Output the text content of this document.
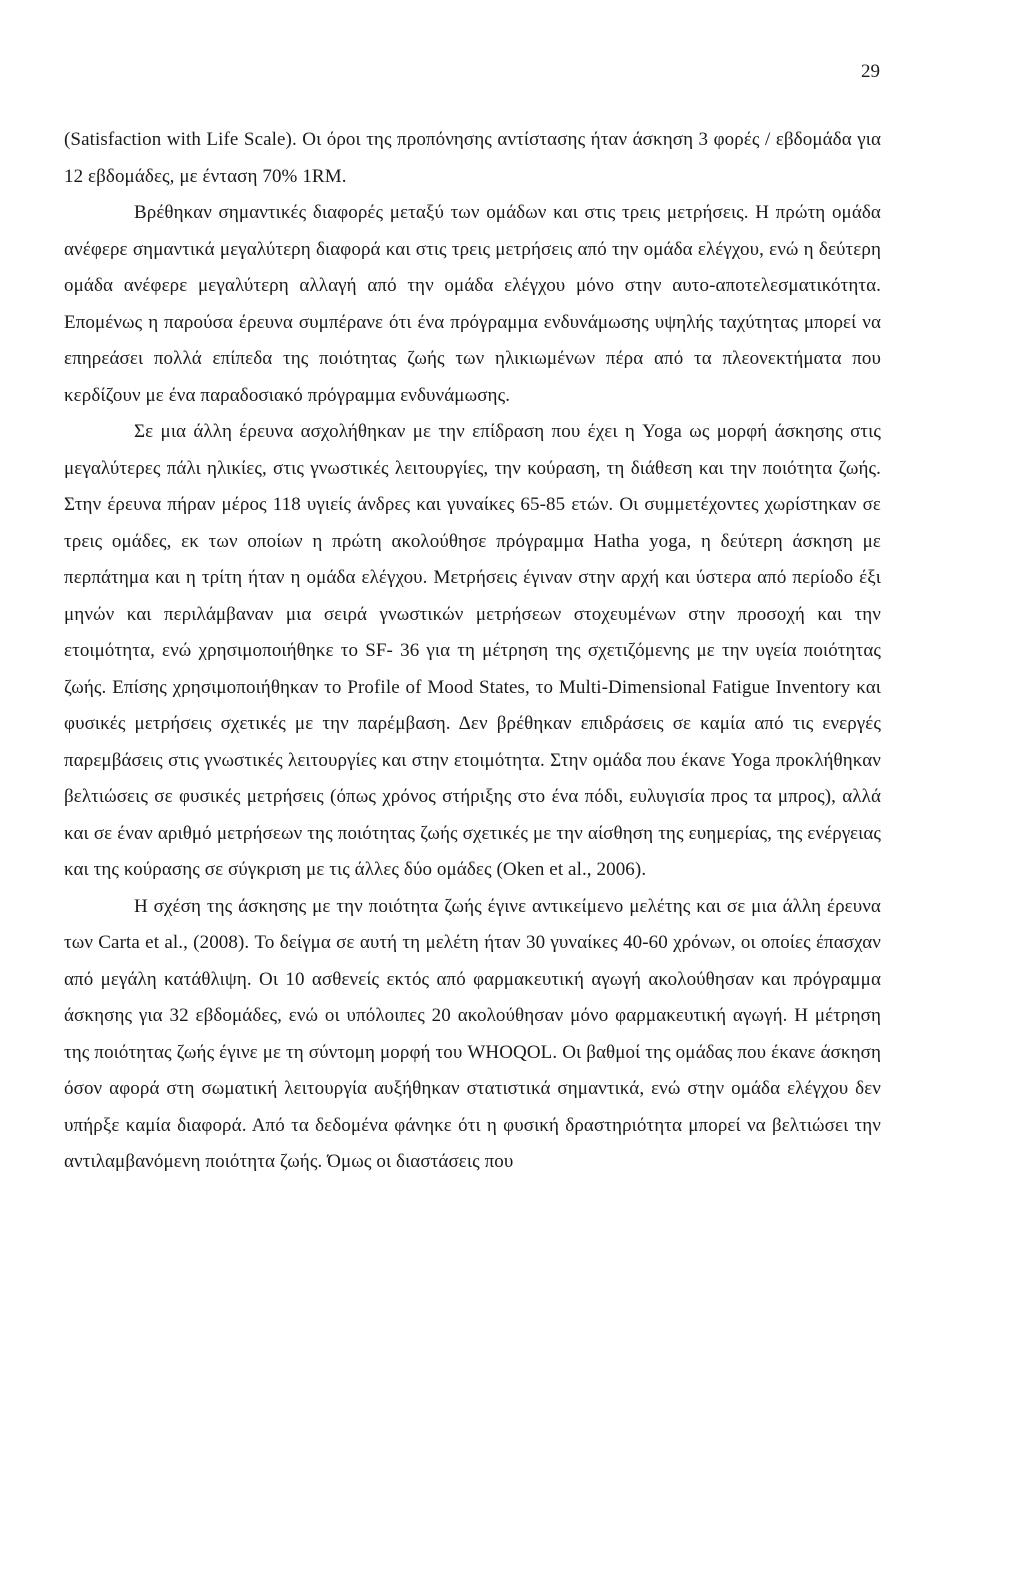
29

(Satisfaction with Life Scale). Οι όροι της προπόνησης αντίστασης ήταν άσκηση 3 φορές / εβδομάδα για 12 εβδομάδες, με ένταση 70% 1RM.

Βρέθηκαν σημαντικές διαφορές μεταξύ των ομάδων και στις τρεις μετρήσεις. Η πρώτη ομάδα ανέφερε σημαντικά μεγαλύτερη διαφορά και στις τρεις μετρήσεις από την ομάδα ελέγχου, ενώ η δεύτερη ομάδα ανέφερε μεγαλύτερη αλλαγή από την ομάδα ελέγχου μόνο στην αυτο-αποτελεσματικότητα. Επομένως η παρούσα έρευνα συμπέρανε ότι ένα πρόγραμμα ενδυνάμωσης υψηλής ταχύτητας μπορεί να επηρεάσει πολλά επίπεδα της ποιότητας ζωής των ηλικιωμένων πέρα από τα πλεονεκτήματα που κερδίζουν με ένα παραδοσιακό πρόγραμμα ενδυνάμωσης.

Σε μια άλλη έρευνα ασχολήθηκαν με την επίδραση που έχει η Yoga ως μορφή άσκησης στις μεγαλύτερες πάλι ηλικίες, στις γνωστικές λειτουργίες, την κούραση, τη διάθεση και την ποιότητα ζωής. Στην έρευνα πήραν μέρος 118 υγιείς άνδρες και γυναίκες 65-85 ετών. Οι συμμετέχοντες χωρίστηκαν σε τρεις ομάδες, εκ των οποίων η πρώτη ακολούθησε πρόγραμμα Hatha yoga, η δεύτερη άσκηση με περπάτημα και η τρίτη ήταν η ομάδα ελέγχου. Μετρήσεις έγιναν στην αρχή και ύστερα από περίοδο έξι μηνών και περιλάμβαναν μια σειρά γνωστικών μετρήσεων στοχευμένων στην προσοχή και την ετοιμότητα, ενώ χρησιμοποιήθηκε το SF- 36 για τη μέτρηση της σχετιζόμενης με την υγεία ποιότητας ζωής. Επίσης χρησιμοποιήθηκαν το Profile of Mood States, το Multi-Dimensional Fatigue Inventory και φυσικές μετρήσεις σχετικές με την παρέμβαση. Δεν βρέθηκαν επιδράσεις σε καμία από τις ενεργές παρεμβάσεις στις γνωστικές λειτουργίες και στην ετοιμότητα. Στην ομάδα που έκανε Yoga προκλήθηκαν βελτιώσεις σε φυσικές μετρήσεις (όπως χρόνος στήριξης στο ένα πόδι, ευλυγισία προς τα μπρος), αλλά και σε έναν αριθμό μετρήσεων της ποιότητας ζωής σχετικές με την αίσθηση της ευημερίας, της ενέργειας και της κούρασης σε σύγκριση με τις άλλες δύο ομάδες (Oken et al., 2006).

Η σχέση της άσκησης με την ποιότητα ζωής έγινε αντικείμενο μελέτης και σε μια άλλη έρευνα των Carta et al., (2008). Το δείγμα σε αυτή τη μελέτη ήταν 30 γυναίκες 40-60 χρόνων, οι οποίες έπασχαν από μεγάλη κατάθλιψη. Οι 10 ασθενείς εκτός από φαρμακευτική αγωγή ακολούθησαν και πρόγραμμα άσκησης για 32 εβδομάδες, ενώ οι υπόλοιπες 20 ακολούθησαν μόνο φαρμακευτική αγωγή. Η μέτρηση της ποιότητας ζωής έγινε με τη σύντομη μορφή του WHOQOL. Οι βαθμοί της ομάδας που έκανε άσκηση όσον αφορά στη σωματική λειτουργία αυξήθηκαν στατιστικά σημαντικά, ενώ στην ομάδα ελέγχου δεν υπήρξε καμία διαφορά. Από τα δεδομένα φάνηκε ότι η φυσική δραστηριότητα μπορεί να βελτιώσει την αντιλαμβανόμενη ποιότητα ζωής. Όμως οι διαστάσεις που
